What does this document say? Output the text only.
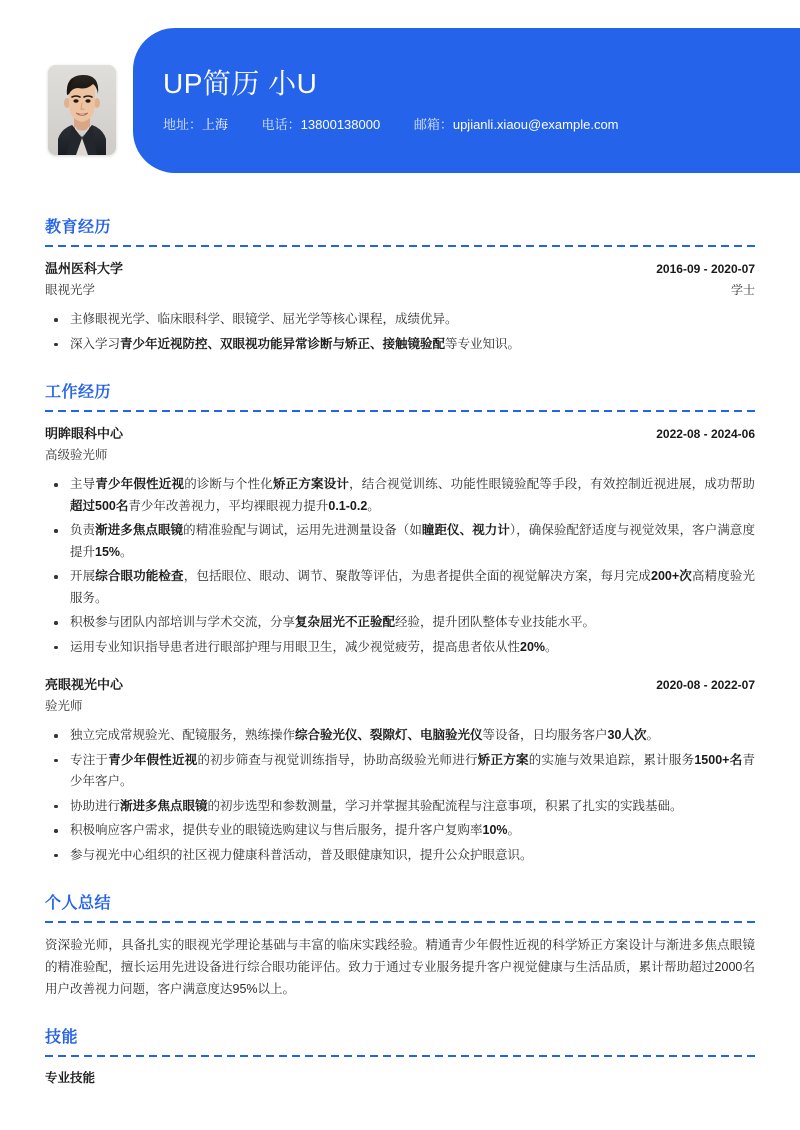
UP简历 小U
地址：上海	电话：13800138000	邮箱：upjianli.xiaou@example.com
教育经历
温州医科大学	2016-09 - 2020-07
眼视光学	学士
主修眼视光学、临床眼科学、眼镜学、屈光学等核心课程，成绩优异。
深入学习青少年近视防控、双眼视功能异常诊断与矫正、接触镜验配等专业知识。
工作经历
明眸眼科中心	2022-08 - 2024-06
高级验光师
主导青少年假性近视的诊断与个性化矫正方案设计，结合视觉训练、功能性眼镜验配等手段，有效控制近视进展，成功帮助超过500名青少年改善视力，平均裸眼视力提升0.1-0.2。
负责渐进多焦点眼镜的精准验配与调试，运用先进测量设备（如瞳距仪、视力计），确保验配舒适度与视觉效果，客户满意度提升15%。
开展综合眼功能检查，包括眼位、眼动、调节、聚散等评估，为患者提供全面的视觉解决方案，每月完成200+次高精度验光服务。
积极参与团队内部培训与学术交流，分享复杂屈光不正验配经验，提升团队整体专业技能水平。
运用专业知识指导患者进行眼部护理与用眼卫生，减少视觉疲劳，提高患者依从性20%。
亮眼视光中心	2020-08 - 2022-07
验光师
独立完成常规验光、配镜服务，熟练操作综合验光仪、裂隙灯、电脑验光仪等设备，日均服务客户30人次。
专注于青少年假性近视的初步筛查与视觉训练指导，协助高级验光师进行矫正方案的实施与效果追踪，累计服务1500+名青少年客户。
协助进行渐进多焦点眼镜的初步选型和参数测量，学习并掌握其验配流程与注意事项，积累了扎实的实践基础。
积极响应客户需求，提供专业的眼镜选购建议与售后服务，提升客户复购率10%。
参与视光中心组织的社区视力健康科普活动，普及眼健康知识，提升公众护眼意识。
个人总结
资深验光师，具备扎实的眼视光学理论基础与丰富的临床实践经验。精通青少年假性近视的科学矫正方案设计与渐进多焦点眼镜的精准验配，擅长运用先进设备进行综合眼功能评估。致力于通过专业服务提升客户视觉健康与生活品质，累计帮助超过2000名用户改善视力问题，客户满意度达95%以上。
技能
专业技能
